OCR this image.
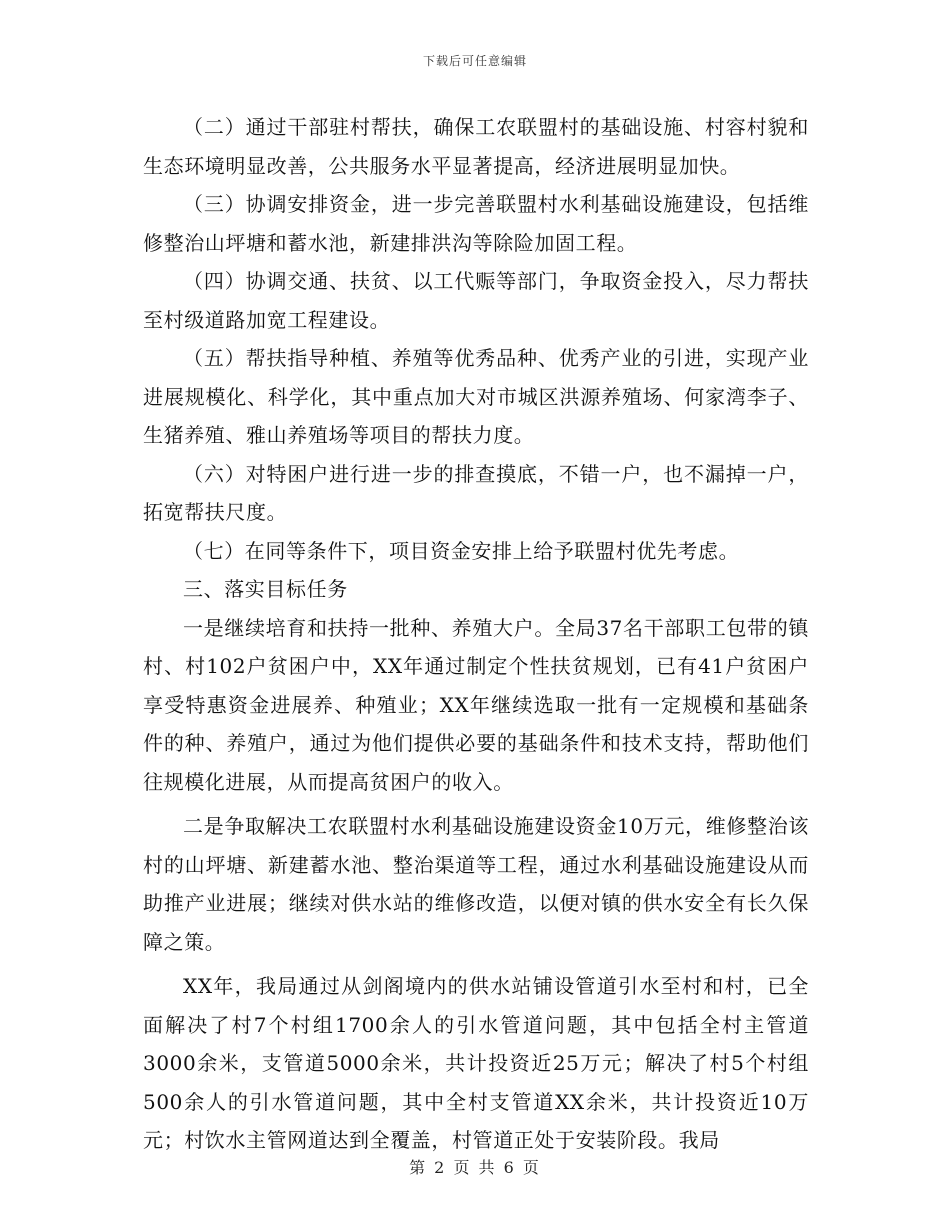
下载后可任意编辑

（二）通过干部驻村帮扶，确保工农联盟村的基础设施、村容村貌和生态环境明显改善，公共服务水平显著提高，经济进展明显加快。

（三）协调安排资金，进一步完善联盟村水利基础设施建设，包括维修整治山坪塘和蓄水池，新建排洪沟等除险加固工程。

（四）协调交通、扶贫、以工代赈等部门，争取资金投入，尽力帮扶至村级道路加宽工程建设。

（五）帮扶指导种植、养殖等优秀品种、优秀产业的引进，实现产业进展规模化、科学化，其中重点加大对市城区洪源养殖场、何家湾李子、生猪养殖、雅山养殖场等项目的帮扶力度。

（六）对特困户进行进一步的排查摸底，不错一户，也不漏掉一户，拓宽帮扶尺度。

（七）在同等条件下，项目资金安排上给予联盟村优先考虑。

三、落实目标任务

一是继续培育和扶持一批种、养殖大户。全局37名干部职工包带的镇村、村102户贫困户中，XX年通过制定个性扶贫规划，已有41户贫困户享受特惠资金进展养、种殖业；XX年继续选取一批有一定规模和基础条件的种、养殖户，通过为他们提供必要的基础条件和技术支持，帮助他们往规模化进展，从而提高贫困户的收入。

二是争取解决工农联盟村水利基础设施建设资金10万元，维修整治该村的山坪塘、新建蓄水池、整治渠道等工程，通过水利基础设施建设从而助推产业进展；继续对供水站的维修改造，以便对镇的供水安全有长久保障之策。

XX年，我局通过从剑阁境内的供水站铺设管道引水至村和村，已全面解决了村7个村组1700余人的引水管道问题，其中包括全村主管道3000余米，支管道5000余米，共计投资近25万元；解决了村5个村组500余人的引水管道问题，其中全村支管道XX余米，共计投资近10万元；村饮水主管网道达到全覆盖，村管道正处于安装阶段。我局

第 2 页 共 6 页
